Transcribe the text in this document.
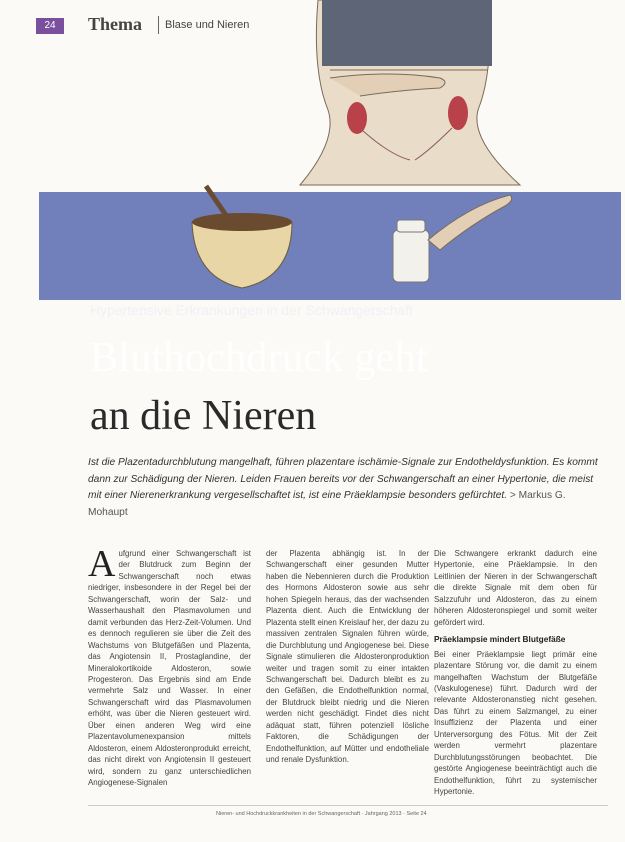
24	Thema Blase und Nieren
Hypertensive Erkrankungen in der Schwangerschaft
Bluthochdruck geht
an die Nieren
Ist die Plazentadurchblutung mangelhaft, führen plazentare ischämie-Signale zur Endotheldysfunktion. Es kommt dann zur Schädigung der Nieren. Leiden Frauen bereits vor der Schwangerschaft an einer Hypertonie, die meist mit einer Nierenerkrankung vergesellschaftet ist, ist eine Präeklampsie besonders gefürchtet. > Markus G. Mohaupt
A ufgrund einer Schwangerschaft ist der Blutdruck zum Beginn der Schwangerschaft noch etwas niedriger, insbesondere in der Regel bei der Schwangerschaft, worin der Salz- und Wasserhaushalt den Plasmavolumen und damit verbunden das Herz-Zeit-Volumen. Und es dennoch regulieren sie über die Zeit des Wachstums von Blutgefäßen und Plazenta, das Angiotensin II, Prostaglandine, der Mineralokortikoide Aldosteron, sowie Progesteron. Das Ergebnis sind am Ende vermehrte Salz und Wasser. In einer Schwangerschaft wird das Plasmavolumen erhöht, was über die Nieren gesteuert wird. Über einen anderen Weg wird eine Plazentavolumenexpansion mittels Aldosteron, einem Aldosteronprodukt erreicht, das nicht direkt von Angiotensin II gesteuert wird, sondern zu ganz unterschiedlichen Angiogenese-Signalen
der Plazenta abhängig ist. In der Schwangerschaft einer gesunden Mutter haben die Nebennieren durch die Produktion des Hormons Aldosteron sowie aus sehr hohen Spiegeln heraus, das der wachsenden Plazenta dient. Auch die Entwicklung der Plazenta stellt einen Kreislauf her, der dazu zu massiven zentralen Signalen führen würde, die Durchblutung und Angiogenese bei. Diese Signale stimulieren die Aldosteronproduktion weiter und tragen somit zu einer intakten Schwangerschaft bei. Dadurch bleibt es zu den Gefäßen, die Endothelfunktion normal, der Blutdruck bleibt niedrig und die Nieren werden nicht geschädigt. Findet dies nicht adäquat statt, führen potenziell lösliche Faktoren, die Schädigungen der Endothelfunktion, auf Mütter und endotheliale und renale Dysfunktion.
Die Schwangere erkrankt dadurch eine Hypertonie, eine Präeklampsie. In den Leitlinien der Nieren in der Schwangerschaft die direkte Signale mit dem oben für Salzzufuhr und Aldosteron, das zu einem höheren Aldosteronspiegel und somit weiter gefördert wird.
Präeklampsie mindert Blutgefäße
Bei einer Präeklampsie liegt primär eine plazentare Störung vor, die damit zu einem mangelhaften Wachstum der Blutgefäße (Vaskulogenese) führt. Dadurch wird der relevante Aldosteronanstieg nicht gesehen. Das führt zu einem Salzmangel, zu einer Insuffizienz der Plazenta und einer Unterversorgung des Fötus. Mit der Zeit werden vermehrt plazentare Durchblutungsstörungen beobachtet. Die gestörte Angiogenese beeinträchtigt auch die Endothelfunktion, führt zu systemischer Hypertonie.
Nieren- und Hochdruckkrankheiten in der Schwangerschaft · Jahrgang 2013 · Seite 24
